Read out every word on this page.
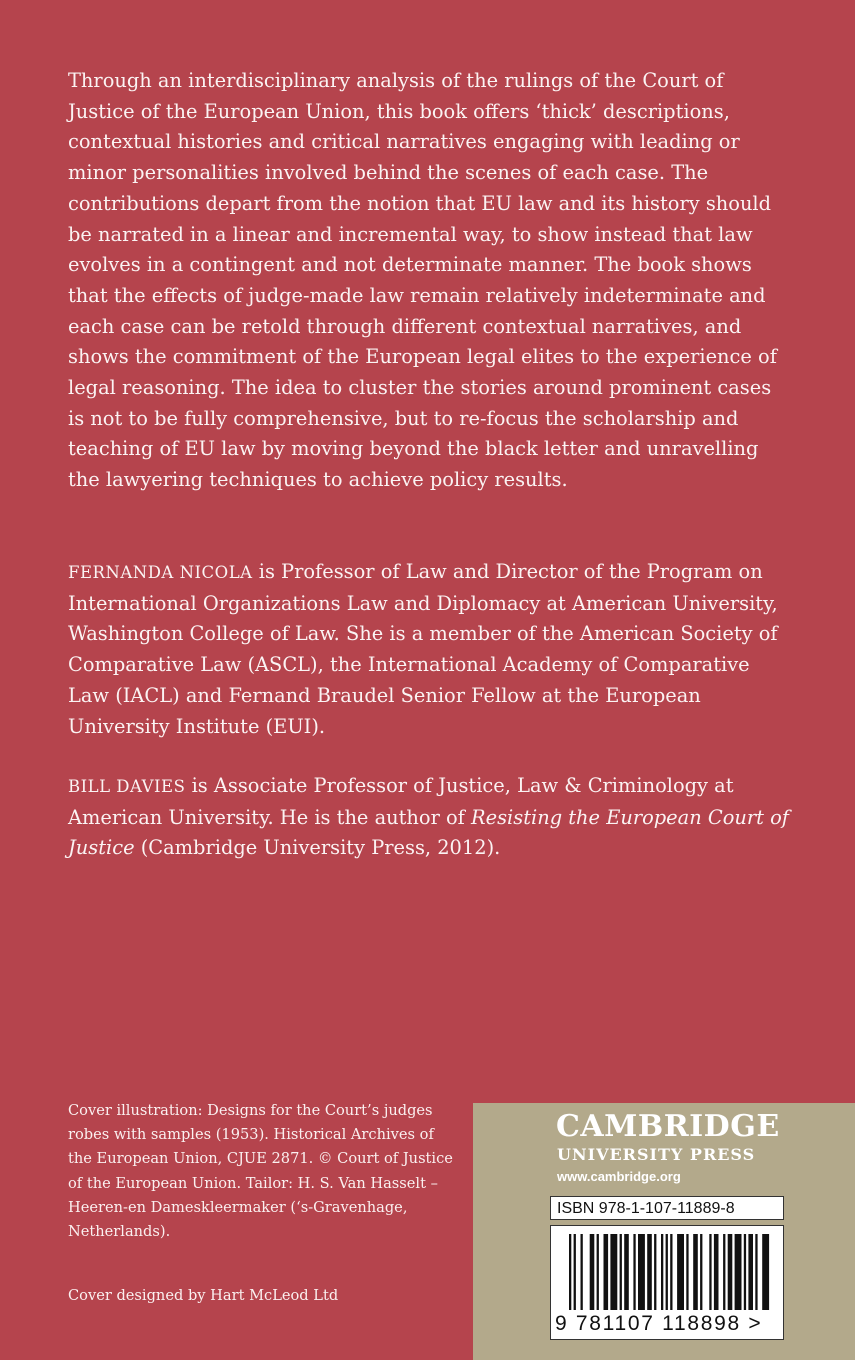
Through an interdisciplinary analysis of the rulings of the Court of Justice of the European Union, this book offers ‘thick’ descriptions, contextual histories and critical narratives engaging with leading or minor personalities involved behind the scenes of each case. The contributions depart from the notion that EU law and its history should be narrated in a linear and incremental way, to show instead that law evolves in a contingent and not determinate manner. The book shows that the effects of judge-made law remain relatively indeterminate and each case can be retold through different contextual narratives, and shows the commitment of the European legal elites to the experience of legal reasoning. The idea to cluster the stories around prominent cases is not to be fully comprehensive, but to re-focus the scholarship and teaching of EU law by moving beyond the black letter and unravelling the lawyering techniques to achieve policy results.

FERNANDA NICOLA is Professor of Law and Director of the Program on International Organizations Law and Diplomacy at American University, Washington College of Law. She is a member of the American Society of Comparative Law (ASCL), the International Academy of Comparative Law (IACL) and Fernand Braudel Senior Fellow at the European University Institute (EUI).

BILL DAVIES is Associate Professor of Justice, Law & Criminology at American University. He is the author of Resisting the European Court of Justice (Cambridge University Press, 2012).

Cover illustration: Designs for the Court’s judges robes with samples (1953). Historical Archives of the European Union, CJUE 2871. © Court of Justice of the European Union. Tailor: H. S. Van Hasselt – Heeren-en Dameskleermaker (‘s-Gravenhage, Netherlands).

Cover designed by Hart McLeod Ltd

CAMBRIDGE
UNIVERSITY PRESS
www.cambridge.org
ISBN 978-1-107-11889-8
9 781107 118898 >
